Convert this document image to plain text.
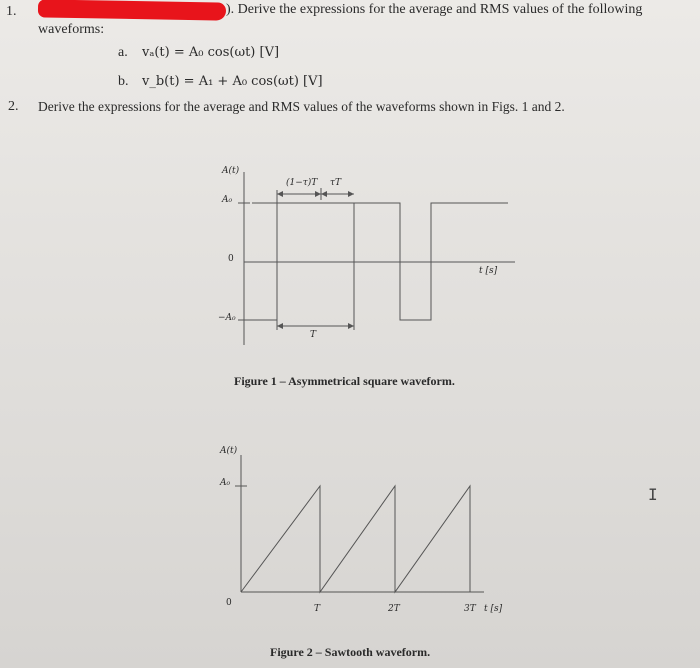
1.	). Derive the expressions for the average and RMS values of the following
waveforms:
a. vₐ(t) = A₀ cos(ωt) [V]
b. v_b(t) = A₁ + A₀ cos(ωt) [V]
2. Derive the expressions for the average and RMS values of the waveforms shown in Figs. 1 and 2.
A(t)
A₀
0
−A₀
(1−τ)T τT
T
t [s]
Figure 1 – Asymmetrical square waveform.
A(t)
A₀
0
T	2T	3T t [s]
Figure 2 – Sawtooth waveform.
I
